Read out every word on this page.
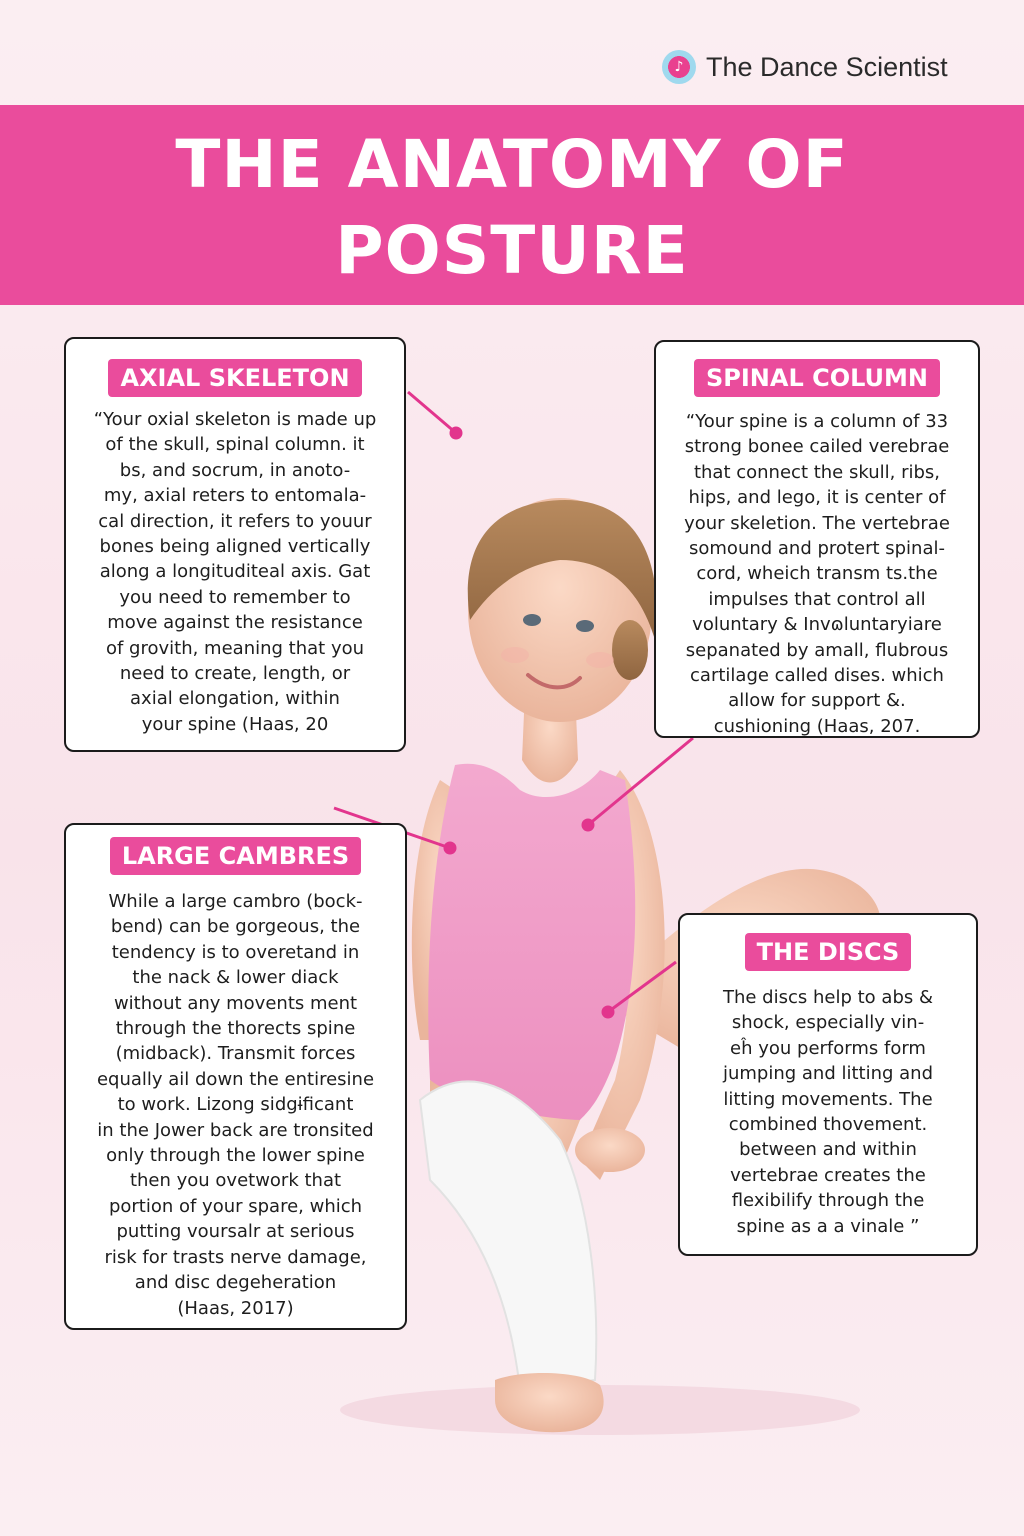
♪ The Dance Scientist
THE ANATOMY OF
POSTURE
AXIAL SKELETON

“Your oxial skeleton is made up
of the skull, spinal column. it
bs, and socrum, in anoto-
my, axial reters to entomala-
cal direction, it refers to youur
bones being aligned vertically
along a longituditeal axis. Gat
you need to remember to
move against the resistance
of grovith, meaning that you
need to create, length, or
axial elongation, within
your spine (Haas, 20

SPINAL COLUMN

“Your spine is a column of 33
strong bonee cailed verebrae
that connect the skull, ribs,
hips, and lego, it is center of
your skeletion. The vertebrae
somound and protert spinal-
cord, wheich transm ts.the
impulses that control all
voluntary & Invɷluntaryiare
sepanated by amall, flubrous
cartilage called dises. which
allow for support &.
cushioning (Haas, 207.

LARGE CAMBRES

While a large cambro (bock-
bend) can be gorgeous, the
tendency is to overetand in
the nack & lower diack
without any movents ment
through the thorects spine
(midback). Transmit forces
equally ail down the entiresine
to work. Lizong sidgɨficant
in the Jower back are tronsited
only through the lower spine
then you ovetwork that
portion of your spare, which
putting voursalr at serious
risk for trasts nerve damage,
and disc degeheration
(Haas, 2017)

THE DISCS

The discs help to abs &
shock, especially vin-
eĥ you performs form
jumping and litting and
litting movements. The
combined thovement.
between and within
vertebrae creates the
flexibilify through the
spine as a a vinale ”
